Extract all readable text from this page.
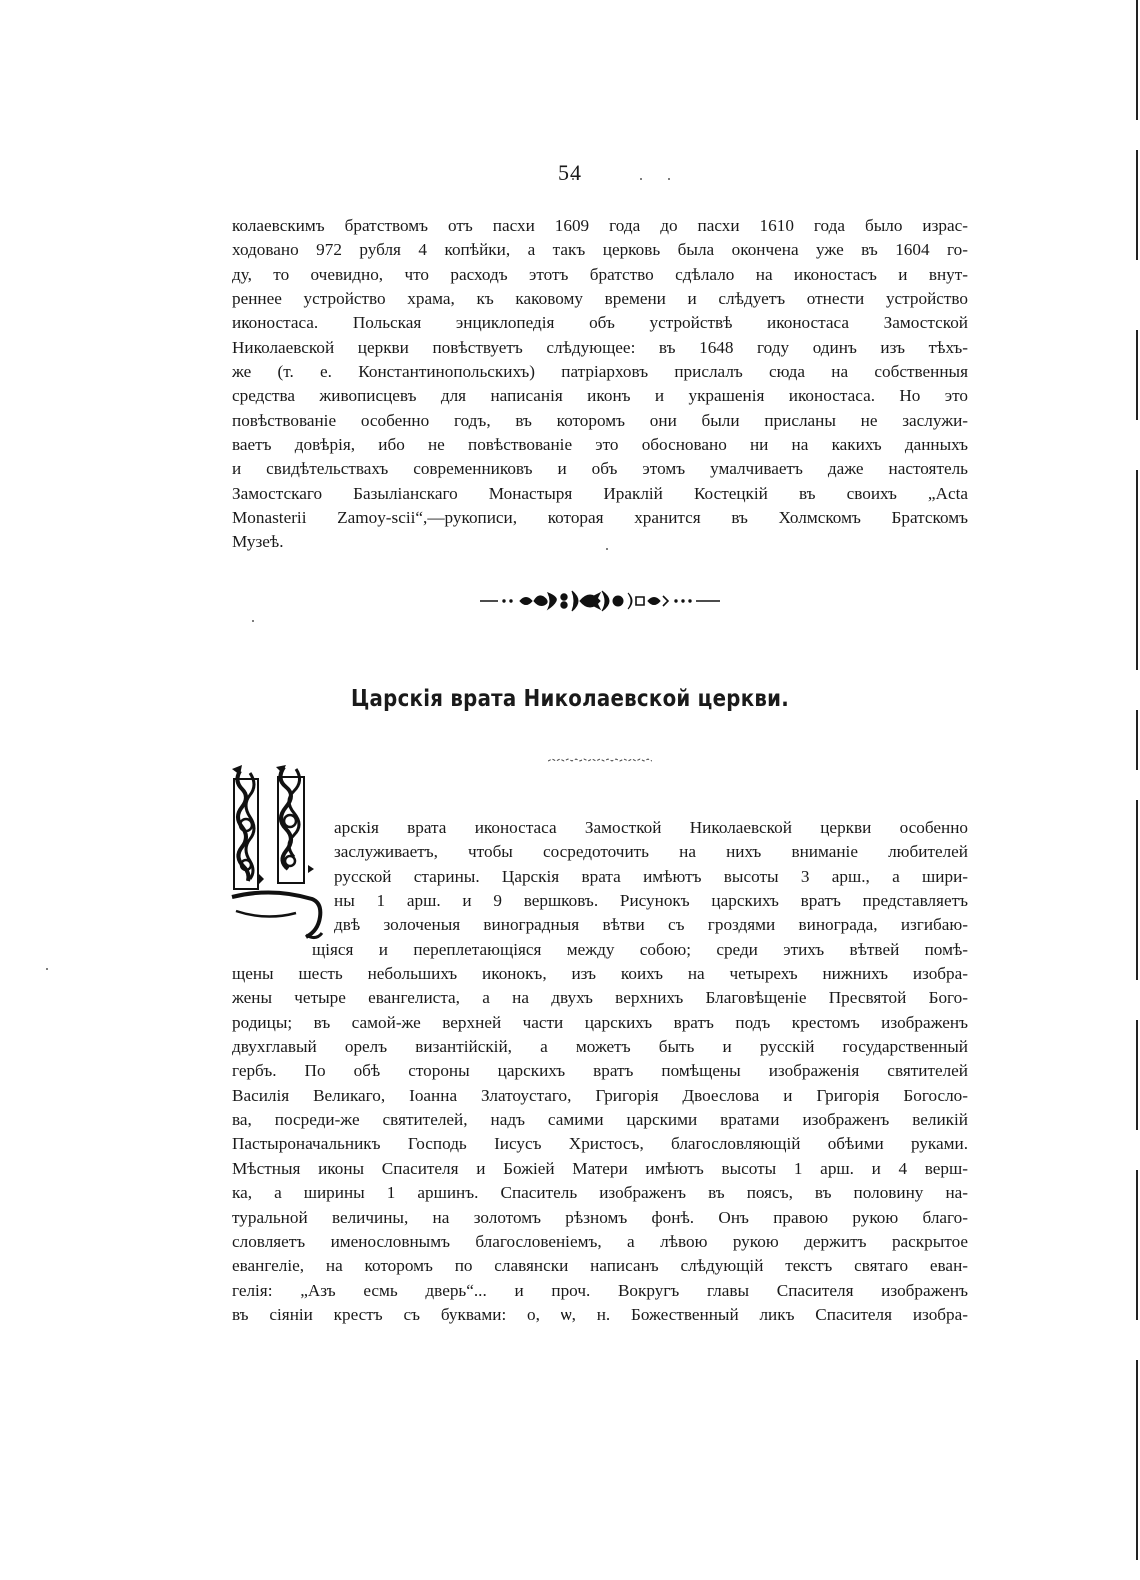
54
колаевскимъ братствомъ отъ пасхи 1609 года до пасхи 1610 года было израс-
ходовано 972 рубля 4 копѣйки, а такъ церковь была окончена уже въ 1604 го-
ду, то очевидно, что расходъ этотъ братство сдѣлало на иконостасъ и внут-
реннее устройство храма, къ каковому времени и слѣдуетъ отнести устройство
иконостаса. Польская энциклопедія объ устройствѣ иконостаса Замостской
Николаевской церкви повѣствуетъ слѣдующее: въ 1648 году одинъ изъ тѣхъ-
же (т. е. Константинопольскихъ) патріарховъ прислалъ сюда на собственныя
средства живописцевъ для написанія иконъ и украшенія иконостаса. Но это
повѣствованіе особенно годъ, въ которомъ они были присланы не заслужи-
ваетъ довѣрія, ибо не повѣствованіе это обосновано ни на какихъ данныхъ
и свидѣтельствахъ современниковъ и объ этомъ умалчиваетъ даже настоятель
Замостскаго Базыліанскаго Монастыря Ираклій Костецкій въ своихъ „Acta
Monasterii Zamoy-scii“,—рукописи, которая хранится въ Холмскомъ Братскомъ
Музеѣ.
Царскія врата Николаевской церкви.
арскія врата иконостаса Замосткой Николаевской церкви особенно
заслуживаетъ, чтобы сосредоточить на нихъ вниманіе любителей
русской старины. Царскія врата имѣютъ высоты 3 арш., а шири-
ны 1 арш. и 9 вершковъ. Рисунокъ царскихъ вратъ представляетъ
двѣ золоченыя виноградныя вѣтви съ гроздями винограда, изгибаю-
щіяся и переплетающіяся между собою; среди этихъ вѣтвей помѣ-
щены шесть небольшихъ иконокъ, изъ коихъ на четырехъ нижнихъ изобра-
жены четыре евангелиста, а на двухъ верхнихъ Благовѣщеніе Пресвятой Бого-
родицы; въ самой-же верхней части царскихъ вратъ подъ крестомъ изображенъ
двухглавый орелъ византійскій, а можетъ быть и русскій государственный
гербъ. По обѣ стороны царскихъ вратъ помѣщены изображенія святителей
Василія Великаго, Іоанна Златоустаго, Григорія Двоеслова и Григорія Богосло-
ва, посреди-же святителей, надъ самими царскими вратами изображенъ великій
Пастыроначальникъ Господь Іисусъ Христосъ, благословляющій обѣими руками.
Мѣстныя иконы Спасителя и Божіей Матери имѣютъ высоты 1 арш. и 4 верш-
ка, а ширины 1 аршинъ. Спаситель изображенъ въ поясъ, въ половину на-
туральной величины, на золотомъ рѣзномъ фонѣ. Онъ правою рукою благо-
словляетъ именословнымъ благословеніемъ, а лѣвою рукою держитъ раскрытое
евангеліе, на которомъ по славянски написанъ слѣдующій текстъ святаго еван-
гелія: „Азъ есмь дверь“... и проч. Вокругъ главы Спасителя изображенъ
въ сіяніи крестъ съ буквами: о, ѡ, н. Божественный ликъ Спасителя изобра-
